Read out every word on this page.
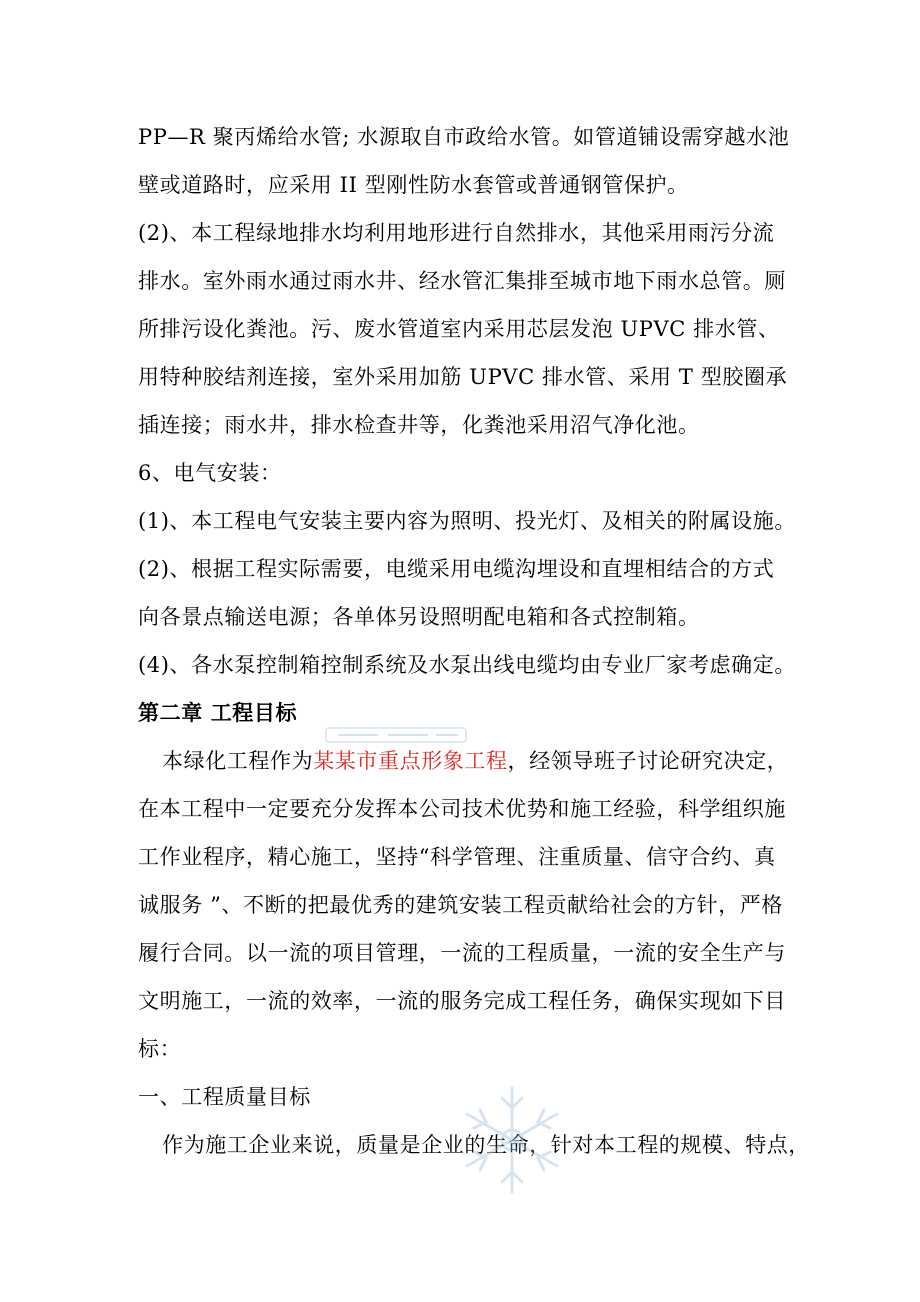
PP—R 聚丙烯给水管; 水源取自市政给水管。如管道铺设需穿越水池
壁或道路时，应采用 II 型刚性防水套管或普通钢管保护。
(2)、本工程绿地排水均利用地形进行自然排水，其他采用雨污分流
排水。室外雨水通过雨水井、经水管汇集排至城市地下雨水总管。厕
所排污设化粪池。污、废水管道室内采用芯层发泡 UPVC 排水管、
用特种胶结剂连接，室外采用加筋 UPVC 排水管、采用 T 型胶圈承
插连接；雨水井，排水检查井等，化粪池采用沼气净化池。
6、电气安装：
(1)、本工程电气安装主要内容为照明、投光灯、及相关的附属设施。
(2)、根据工程实际需要，电缆采用电缆沟埋设和直埋相结合的方式
向各景点输送电源；各单体另设照明配电箱和各式控制箱。
(4)、各水泵控制箱控制系统及水泵出线电缆均由专业厂家考虑确定。
第二章 工程目标
本绿化工程作为某某市重点形象工程，经领导班子讨论研究决定，
在本工程中一定要充分发挥本公司技术优势和施工经验，科学组织施
工作业程序，精心施工，坚持“科学管理、注重质量、信守合约、真
诚服务 ”、不断的把最优秀的建筑安装工程贡献给社会的方针，严格
履行合同。以一流的项目管理，一流的工程质量，一流的安全生产与
文明施工，一流的效率，一流的服务完成工程任务，确保实现如下目
标：
一、工程质量目标
作为施工企业来说，质量是企业的生命，针对本工程的规模、特点，
